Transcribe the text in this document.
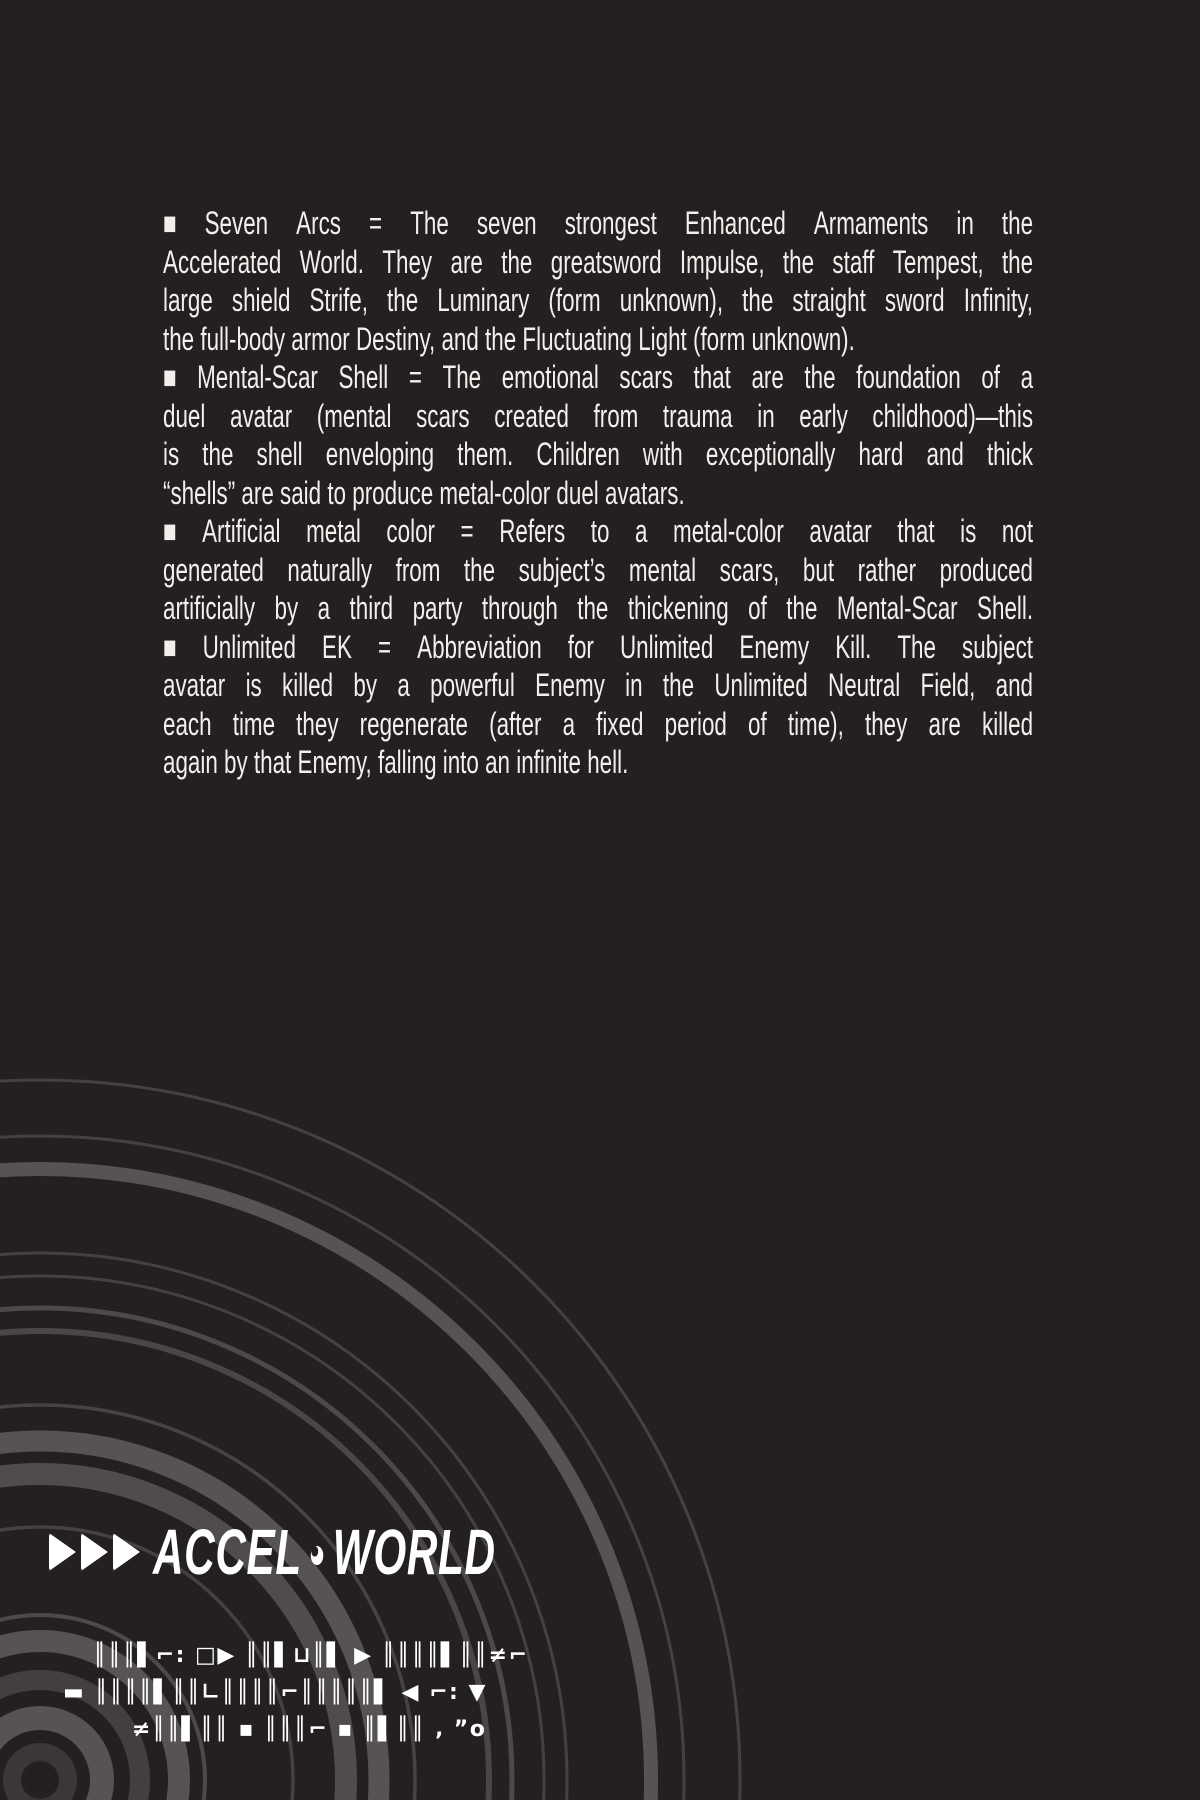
■ Seven Arcs = The seven strongest Enhanced Armaments in the
Accelerated World. They are the greatsword Impulse, the staff Tempest, the
large shield Strife, the Luminary (form unknown), the straight sword Infinity,
the full-body armor Destiny, and the Fluctuating Light (form unknown).
■ Mental-Scar Shell = The emotional scars that are the foundation of a
duel avatar (mental scars created from trauma in early childhood)—this
is the shell enveloping them. Children with exceptionally hard and thick
“shells” are said to produce metal-color duel avatars.
■ Artificial metal color = Refers to a metal-color avatar that is not
generated naturally from the subject’s mental scars, but rather produced
artificially by a third party through the thickening of the Mental-Scar Shell.
■ Unlimited EK = Abbreviation for Unlimited Enemy Kill. The subject
avatar is killed by a powerful Enemy in the Unlimited Neutral Field, and
each time they regenerate (after a fixed period of time), they are killed
again by that Enemy, falling into an infinite hell.
ACCEL WORLD
║║║▌⌐: □▶ ║║▌⊔║▌ ▶ ║║║║▌║║≠⌐
▬ ║║║║▌║║∟║║║║⌐║║║║║▌ ◀ ⌐: ▼
≠║║▌║║ ▪ ║║║⌐ ▪ ║▌║║ ‚ ”o
